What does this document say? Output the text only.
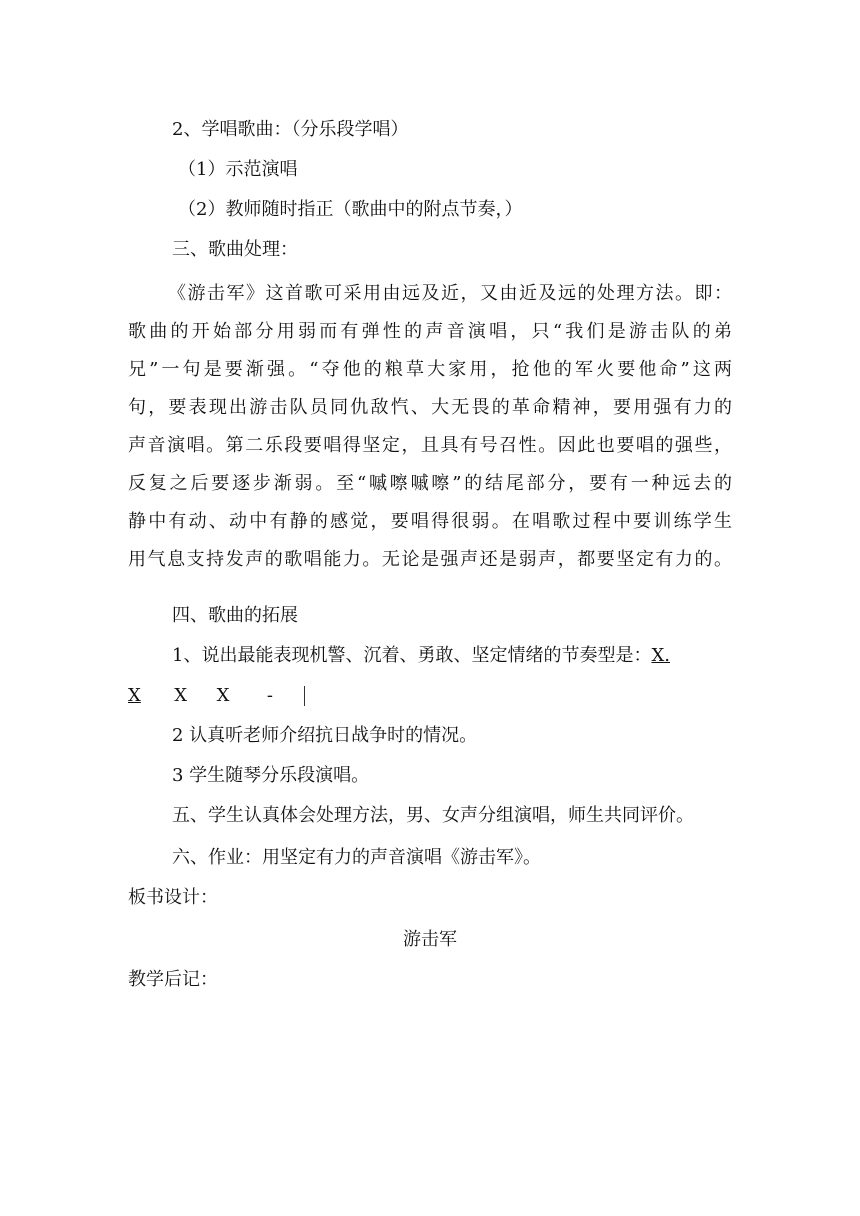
2、学唱歌曲：（分乐段学唱）
（1）示范演唱
（2）教师随时指正（歌曲中的附点节奏，）
三、歌曲处理：
《游击军》这首歌可采用由远及近，又由近及远的处理方法。即：
歌曲的开始部分用弱而有弹性的声音演唱，只“我们是游击队的弟
兄”一句是要渐强。“夺他的粮草大家用，抢他的军火要他命”这两
句，要表现出游击队员同仇敌忾、大无畏的革命精神，要用强有力的
声音演唱。第二乐段要唱得坚定，且具有号召性。因此也要唱的强些，
反复之后要逐步渐弱。至“嘁嚓嘁嚓”的结尾部分，要有一种远去的
静中有动、动中有静的感觉，要唱得很弱。在唱歌过程中要训练学生
用气息支持发声的歌唱能力。无论是强声还是弱声，都要坚定有力的。
四、歌曲的拓展
1、说出最能表现机警、沉着、勇敢、坚定情绪的节奏型是：X.
X X X -
2 认真听老师介绍抗日战争时的情况。
3 学生随琴分乐段演唱。
五、学生认真体会处理方法，男、女声分组演唱，师生共同评价。
六、作业：用坚定有力的声音演唱《游击军》。
板书设计：
游击军
教学后记：
